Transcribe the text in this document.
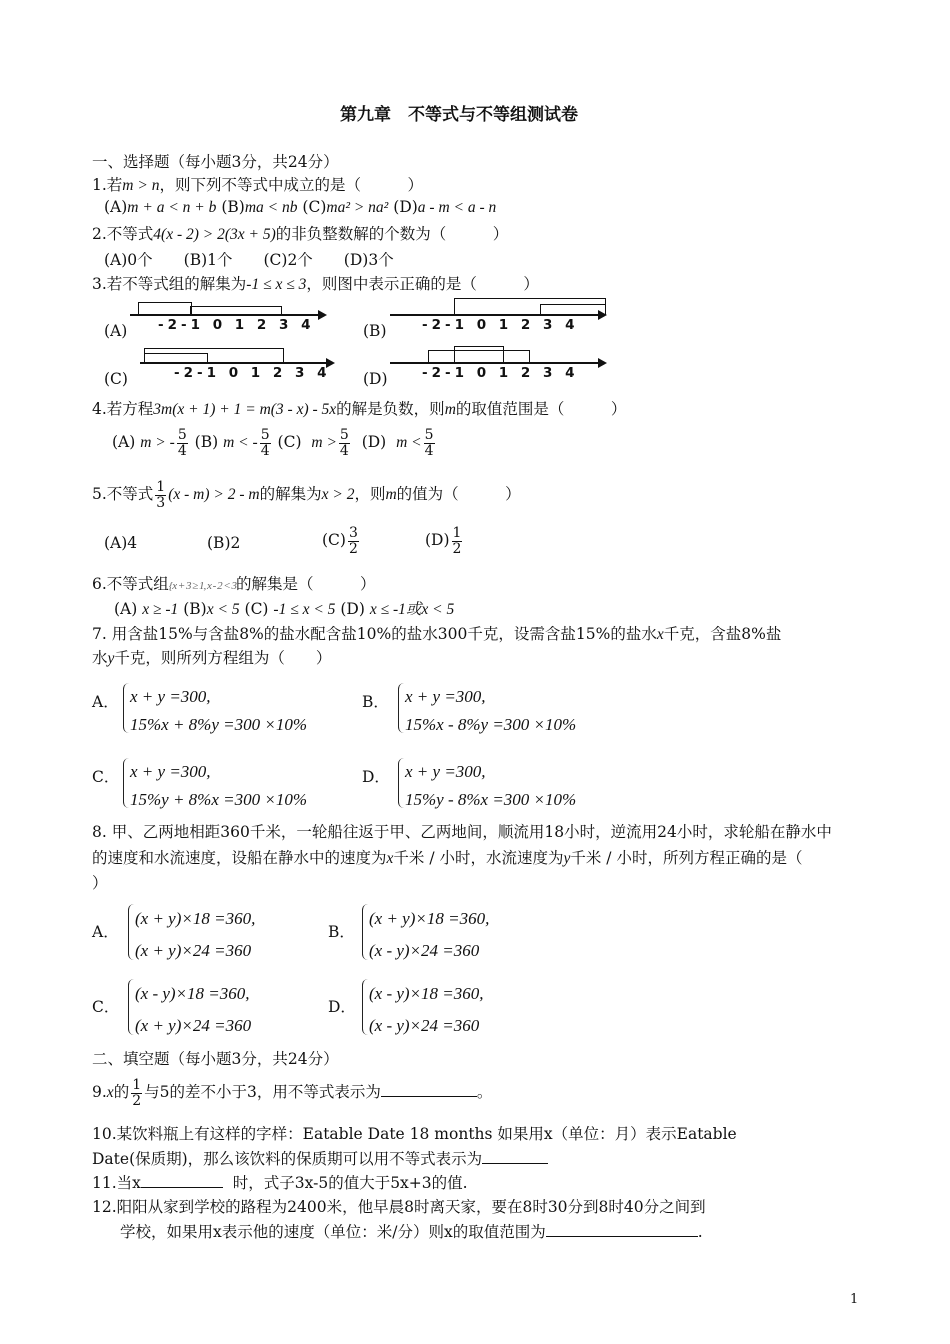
第九章　不等式与不等组测试卷
一、选择题（每小题3分，共24分）
1.若m > n，则下列不等式中成立的是（　　　）
(A)m + a < n + b (B)ma < nb (C)ma² > na² (D)a - m < a - n
2.不等式4(x - 2) > 2(3x + 5)的非负整数解的个数为（　　　）
(A)0个　　(B)1个　　(C)2个　　(D)3个
3.若不等式组的解集为-1 ≤ x ≤ 3，则图中表示正确的是（　　　）
(A) -2-1 0 1 2 3 4	(B)	-2-1 0 1 2 3 4
(C)	-2-1 0 1 2 3 4 (D)	-2-1 0 1 2 3 4
4.若方程3m(x + 1) + 1 = m(3 - x) - 5x的解是负数，则m的取值范围是（　　　）
(A) m > - $\frac{5}{4} (B) m$ < - $\frac{5}{4} (C) m > \frac{5}{4} (D) m < \frac{5}{4}$
5.不等式 $\frac{1}{3} (x - m) > 2 - m$的解集为x > 2，则m的值为（　　　）
(A)4	(B)2	$(C) \frac{3}{2}$	$(D) \frac{1}{2}$
6.不等式组{x + 3 ≥ 1, x - 2 < 3的解集是（　　　）
(A) x ≥ -1 (B)x < 5 (C) -1 ≤ x < 5 (D) x ≤ -1或x < 5
7. 用含盐15%与含盐8%的盐水配含盐10%的盐水300千克，设需含盐15%的盐水x千克，含盐8%盐
水y千克，则所列方程组为（　　）
A． x + y =300,
15%x + 8%y =300 ×10%
B． x + y =300,
15%x - 8%y =300 ×10%
C． x + y =300,
15%y + 8%x =300 ×10%
D． x + y =300,
15%y - 8%x =300 ×10%
8. 甲、乙两地相距360千米，一轮船往返于甲、乙两地间，顺流用18小时，逆流用24小时，求轮船在静水中
的速度和水流速度，设船在静水中的速度为x千米 / 小时，水流速度为y千米 / 小时，所列方程正确的是（
）
A．
(x + y)×18 =360,
(x + y)×24 =360
B．
(x + y)×18 =360,
(x - y)×24 =360
C．
(x - y)×18 =360,
(x + y)×24 =360
D．
(x - y)×18 =360,
(x - y)×24 =360
二、填空题（每小题3分，共24分）
9.x的 $\frac{1}{2}$ 与5的差不小于3，用不等式表示为	。
10.某饮料瓶上有这样的字样：Eatable Date 18 months 如果用x（单位：月）表示Eatable
Date(保质期)，那么该饮料的保质期可以用不等式表示为
11.当x	时，式子3x-5的值大于5x+3的值.
12.阳阳从家到学校的路程为2400米，他早晨8时离天家，要在8时30分到8时40分之间到
学校，如果用x表示他的速度（单位：米/分）则x的取值范围为	.
1
